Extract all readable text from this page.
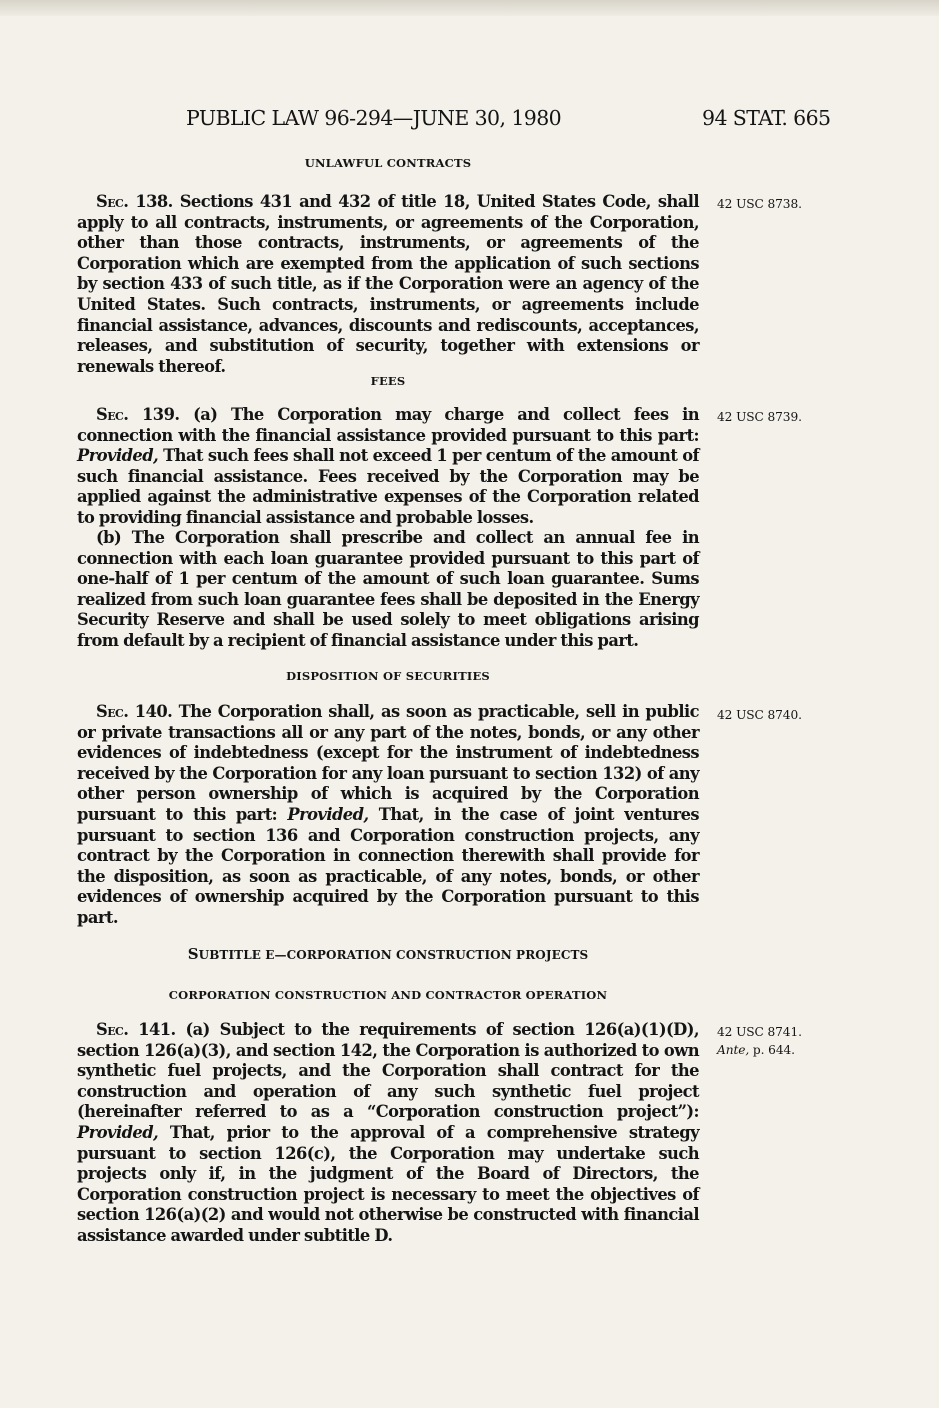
PUBLIC LAW 96-294—JUNE 30, 1980	94 STAT. 665
UNLAWFUL CONTRACTS

Sec. 138. Sections 431 and 432 of title 18, United States Code, shall apply to all contracts, instruments, or agreements of the Corporation, other than those contracts, instruments, or agreements of the Corporation which are exempted from the application of such sections by section 433 of such title, as if the Corporation were an agency of the United States. Such contracts, instruments, or agreements include financial assistance, advances, discounts and rediscounts, acceptances, releases, and substitution of security, together with extensions or renewals thereof.

42 USC 8738.
FEES

Sec. 139. (a) The Corporation may charge and collect fees in connection with the financial assistance provided pursuant to this part: Provided, That such fees shall not exceed 1 per centum of the amount of such financial assistance. Fees received by the Corporation may be applied against the administrative expenses of the Corporation related to providing financial assistance and probable losses.

(b) The Corporation shall prescribe and collect an annual fee in connection with each loan guarantee provided pursuant to this part of one-half of 1 per centum of the amount of such loan guarantee. Sums realized from such loan guarantee fees shall be deposited in the Energy Security Reserve and shall be used solely to meet obligations arising from default by a recipient of financial assistance under this part.

42 USC 8739.
DISPOSITION OF SECURITIES

Sec. 140. The Corporation shall, as soon as practicable, sell in public or private transactions all or any part of the notes, bonds, or any other evidences of indebtedness (except for the instrument of indebtedness received by the Corporation for any loan pursuant to section 132) of any other person ownership of which is acquired by the Corporation pursuant to this part: Provided, That, in the case of joint ventures pursuant to section 136 and Corporation construction projects, any contract by the Corporation in connection therewith shall provide for the disposition, as soon as practicable, of any notes, bonds, or other evidences of ownership acquired by the Corporation pursuant to this part.

42 USC 8740.
SUBTITLE E—CORPORATION CONSTRUCTION PROJECTS
CORPORATION CONSTRUCTION AND CONTRACTOR OPERATION

Sec. 141. (a) Subject to the requirements of section 126(a)(1)(D), section 126(a)(3), and section 142, the Corporation is authorized to own synthetic fuel projects, and the Corporation shall contract for the construction and operation of any such synthetic fuel project (hereinafter referred to as a “Corporation construction project”): Provided, That, prior to the approval of a comprehensive strategy pursuant to section 126(c), the Corporation may undertake such projects only if, in the judgment of the Board of Directors, the Corporation construction project is necessary to meet the objectives of section 126(a)(2) and would not otherwise be constructed with financial assistance awarded under subtitle D.

42 USC 8741.
Ante, p. 644.
